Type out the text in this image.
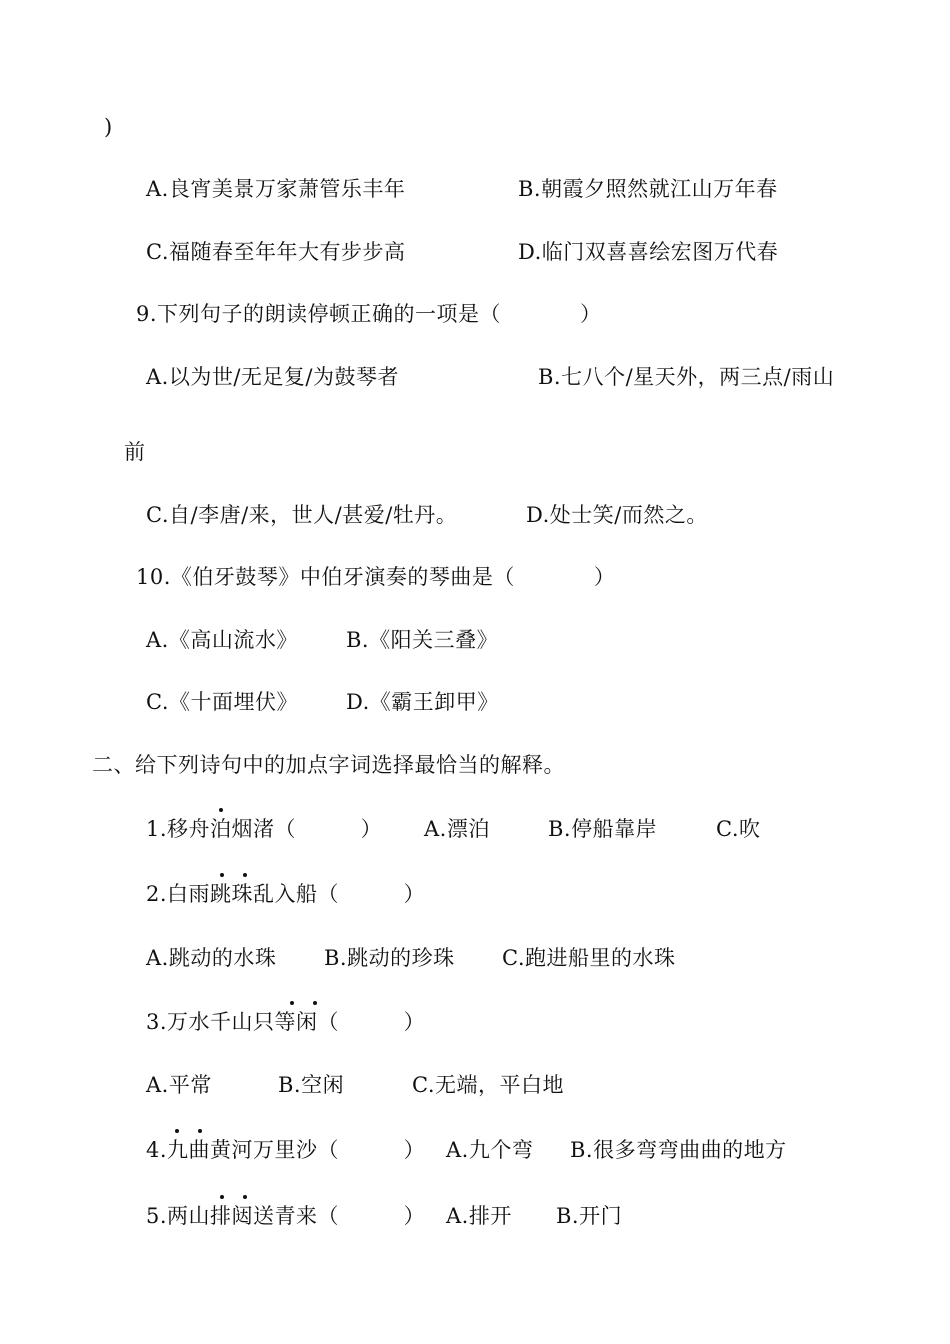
)

A.良宵美景万家萧管乐丰年

	B.朝霞夕照然就江山万年春

C.福随春至年年大有步步高

	D.临门双喜喜绘宏图万代春

9.下列句子的朗读停顿正确的一项是（           ）

A.以为世/无足复/为鼓琴者

	B.七八个/星天外，两三点/雨山

前

C.自/李唐/来，世人/甚爱/牡丹。

	D.处士笑/而然之。

10.《伯牙鼓琴》中伯牙演奏的琴曲是（           ）

A.《高山流水》

B.《阳关三叠》

C.《十面埋伏》

D.《霸王卸甲》

二、给下列诗句中的加点字词选择最恰当的解释。

1.移舟泊烟渚（         ）

A.漂泊

	B.停船靠岸

	C.吹

2.白雨跳珠乱入船（         ）

A.跳动的水珠

B.跳动的珍珠

C.跑进船里的水珠

3.万水千山只等闲（         ）

A.平常

	B.空闲

	C.无端，平白地

4.九曲黄河万里沙（         ）

A.九个弯

B.很多弯弯曲曲的地方

5.两山排闼送青来（         ）

A.排开

B.开门
